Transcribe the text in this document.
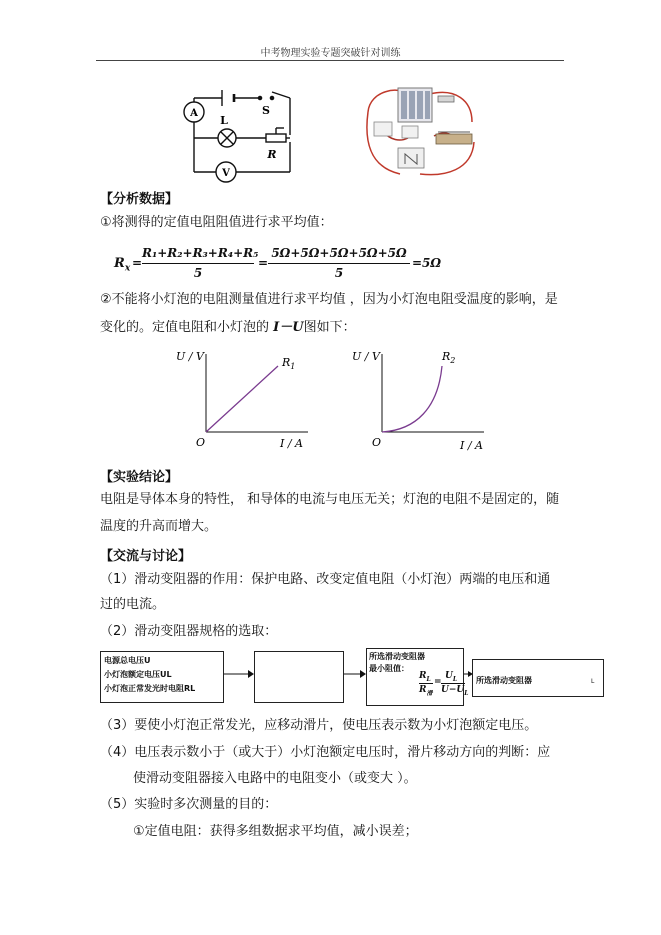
中考物理实验专题突破针对训练
A
V
L
S
R
【分析数据】
①将测得的定值电阻阻值进行求平均值：
$R_x$ =
R₁+R₂+R₃+R₄+R₅
5
=
5Ω+5Ω+5Ω+5Ω+5Ω
5
=5Ω
②不能将小灯泡的电阻测量值进行求平均值 ，因为小灯泡电阻受温度的影响，是
变化的。定值电阻和小灯泡的 I－U图如下：
U / V
O	I / A
$R_1$
U / V
O	I / A
$R_2$
【实验结论】
电阻是导体本身的特性， 和导体的电流与电压无关；灯泡的电阻不是固定的，随
温度的升高而增大。
【交流与讨论】
（1）滑动变阻器的作用：保护电路、改变定值电阻（小灯泡）两端的电压和通
过的电流。
（2）滑动变阻器规格的选取：
电源总电压U
小灯泡额定电压UL
小灯泡正常发光时电阻RL
所选滑动变阻器
最小阻值：
$R_L$
$R_滑$
=
$U_L$
$U-U_L$
所选滑动变阻器	L
（3）要使小灯泡正常发光，应移动滑片，使电压表示数为小灯泡额定电压。
（4）电压表示数小于（或大于）小灯泡额定电压时，滑片移动方向的判断：应
使滑动变阻器接入电路中的电阻变小（或变大 ）。
（5）实验时多次测量的目的：
①定值电阻：获得多组数据求平均值，减小误差；
